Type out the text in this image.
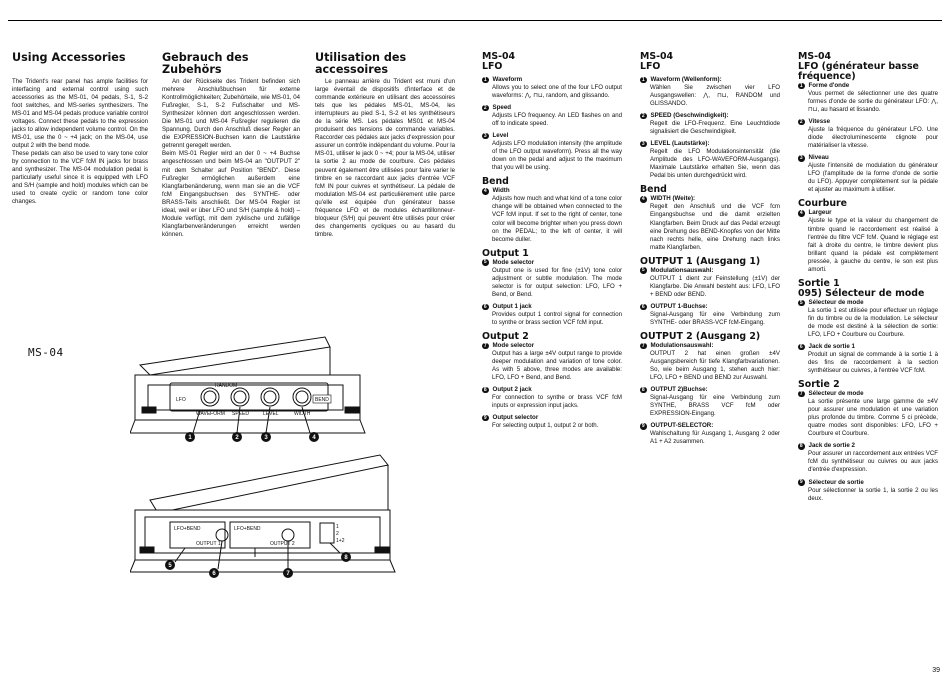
Using Accessories
The Trident's rear panel has ample facilities for interfacing and external control using such accessories as the MS-01, 04 pedals, S-1, S-2 foot switches, and MS-series synthesizers. The MS-01 and MS-04 pedals produce variable control voltages. Connect these pedals to the expression jacks to allow independent volume control. On the MS-01, use the 0 ~ +4 jack; on the MS-04, use output 2 with the bend mode.
These pedals can also be used to vary tone color by connection to the VCF fcM IN jacks for brass and synthesizer. The MS-04 modulation pedal is particularly useful since it is equipped with LFO and S/H (sample and hold) modules which can be used to create cyclic or random tone color changes.
Gebrauch des
Zubehörs
An der Rückseite des Trident befinden sich mehrere Anschlußbuchsen für externe Kontrollmöglichkeiten; Zubehörteile, wie MS-01, 04 Fußregler, S-1, S-2 Fußschalter und MS-Synthesizer können dort angeschlossen werden. Die MS-01 und MS-04 Fußregler regulieren die Spannung. Durch den Anschluß dieser Regler an die EXPRESSION-Buchsen kann die Lautstärke getrennt geregelt werden.
Beim MS-01 Regler wird an der 0 ~ +4 Buchse angeschlossen und beim MS-04 an "OUTPUT 2" mit dem Schalter auf Position "BEND". Diese Fußregler ermöglichen außerdem eine Klangfarbenänderung, wenn man sie an die VCF fcM Eingangsbuchsen des SYNTHE- oder BRASS-Teils anschließt. Der MS-04 Regler ist ideal, weil er über LFO und S/H (sample & hold) – Module verfügt, mit dem zyklische und zufällige Klangfarbenveränderungen erreicht werden können.
Utilisation des
accessoires
Le panneau arrière du Trident est muni d'un large éventail de dispositifs d'interface et de commande extérieure en utilisant des accessoires tels que les pédales MS-01, MS-04, les interrupteurs au pied S-1, S-2 et les synthétiseurs de la série MS. Les pédales MS01 et MS-04 produisent des tensions de commande variables. Raccorder ces pédales aux jacks d'expression pour assurer un contrôle indépendant du volume. Pour la MS-01, utiliser le jack 0 ~ +4; pour la MS-04, utiliser la sortie 2 au mode de courbure. Ces pédales peuvent également être utilisées pour faire varier le timbre en se raccordant aux jacks d'entrée VCF fcM IN pour cuivres et synthétiseur. La pédale de modulation MS-04 est particulièrement utile parce qu'elle est équipée d'un générateur basse fréquence LFO et de modules échantillonneur-bloqueur (S/H) qui peuvent être utilisés pour créer des changements cycliques ou au hasard du timbre.
MS-04
LFO
RANDOM
WAVEFORM SPEED	LEVEL	WIDTH
BEND
LFO+BEND	LFO+BEND
OUTPUT 1	OUTPUT 2
1
2
1+2
1	2	3	4
5
6	7
8
MS-04
LFO
1 Waveform
Allows you to select one of the four LFO output waveforms: ⋀, ⊓⊔, random, and glissando.
2 Speed
Adjusts LFO frequency. An LED flashes on and off to indicate speed.
3 Level
Adjusts LFO modulation intensity (the amplitude of the LFO output waveform). Press all the way down on the pedal and adjust to the maximum that you will be using.
Bend
4 Width
Adjusts how much and what kind of a tone color change will be obtained when connected to the VCF fcM input. If set to the right of center, tone color will become brighter when you press down on the PEDAL; to the left of center, it will become duller.
Output 1
5 Mode selector
Output one is used for fine (±1V) tone color adjustment or subtle modulation. The mode selector is for output selection: LFO, LFO + Bend, or Bend.
6 Output 1 jack
Provides output 1 control signal for connection to synthe or brass section VCF fcM input.
Output 2
7 Mode selector
Output has a large ±4V output range to provide deeper modulation and variation of tone color. As with 5 above, three modes are available: LFO, LFO + Bend, and Bend.
8 Output 2 jack
For connection to synthe or brass VCF fcM inputs or expression input jacks.
9 Output selector
For selecting output 1, output 2 or both.
MS-04
LFO
1 Waveform (Wellenform):
Wählen Sie zwischen vier LFO Ausgangswellen: ⋀, ⊓⊔, RANDOM und GLISSANDO.
2 SPEED (Geschwindigkeit):
Regelt die LFO-Frequenz. Eine Leuchtdiode signalisiert die Geschwindigkeit.
3 LEVEL (Lautstärke):
Regelt die LFO Modulationsintensität (die Amplitude des LFO-WAVEFORM-Ausgangs). Maximale Lautstärke erhalten Sie, wenn das Pedal bis unten durchgedrückt wird.
Bend
4 WIDTH (Weite):
Regelt den Anschluß und die VCF fcm Eingangsbuchse und die damit erzielten Klangfarben. Beim Druck auf das Pedal erzeugt eine Drehung des BEND-Knopfes von der Mitte nach rechts helle, eine Drehung nach links matte Klangfarben.
OUTPUT 1 (Ausgang 1)
5 Modulationsauswahl:
OUTPUT 1 dient zur Feinstellung (±1V) der Klangfarbe. Die Anwahl besteht aus: LFO, LFO + BEND oder BEND.
6 OUTPUT 1-Buchse:
Signal-Ausgang für eine Verbindung zum SYNTHE- oder BRASS-VCF fcM-Eingang.
OUTPUT 2 (Ausgang 2)
7 Modulationsauswahl:
OUTPUT 2 hat einen großen ±4V Ausgangsbereich für tiefe Klangfarbvariationen. So, wie beim Ausgang 1, stehen auch hier: LFO, LFO + BEND und BEND zur Auswahl.
8 OUTPUT 2)Buchse:
Signal-Ausgang für eine Verbindung zum SYNTHE, BRASS VCF fcM oder EXPRESSION-Eingang.
9 OUTPUT-SELECTOR:
Wahlschaltung für Ausgang 1, Ausgang 2 oder A1 + A2 zusammen.
MS-04
LFO (générateur basse
fréquence)
1 Forme d'onde
Vous permet de sélectionner une des quatre formes d'onde de sortie du générateur LFO: ⋀, ⊓⊔, au hasard et lissando.
2 Vitesse
Ajuste la fréquence du générateur LFO. Une diode électroluminescente clignote pour matérialiser la vitesse.
3 Niveau
Ajuste l'intensité de modulation du générateur LFO (l'amplitude de la forme d'onde de sortie du LFO). Appuyer complètement sur la pédale et ajuster au maximum à utiliser.
Courbure
4 Largeur
Ajuste le type et la valeur du changement de timbre quand le raccordement est réalisé à l'entrée du filtre VCF fcM. Quand le réglage est fait à droite du centre, le timbre devient plus brillant quand la pédale est complètement pressée, à gauche du centre, le son est plus amorti.
Sortie 1
095) Sélecteur de mode
5 Sélecteur de mode
La sortie 1 est utilisée pour effectuer un réglage fin du timbre ou de la modulation. Le sélecteur de mode est destiné à la sélection de sortie: LFO, LFO + Courbure ou Courbure.
6 Jack de sortie 1
Produit un signal de commande à la sortie 1 à des fins de raccordement à la section synthétiseur ou cuivres, à l'entrée VCF fcM.
Sortie 2
7 Sélecteur de mode
La sortie présente une large gamme de ±4V pour assurer une modulation et une variation plus profonde du timbre. Comme 5 ci précède, quatre modes sont disponibles: LFO, LFO + Courbure et Courbure.
8 Jack de sortie 2
Pour assurer un raccordement aux entrées VCF fcM du synthétiseur ou cuivres ou aux jacks d'entrée d'expression.
9 Sélecteur de sortie
Pour sélectionner la sortie 1, la sortie 2 ou les deux.
39
